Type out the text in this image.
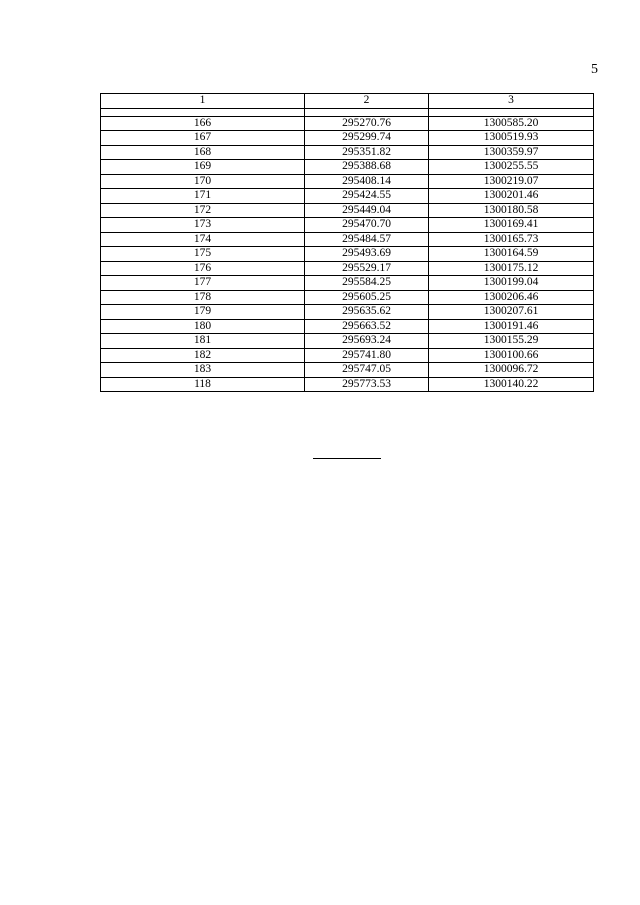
5
1	2	3

166	295270.76	1300585.20
167	295299.74	1300519.93
168	295351.82	1300359.97
169	295388.68	1300255.55
170	295408.14	1300219.07
171	295424.55	1300201.46
172	295449.04	1300180.58
173	295470.70	1300169.41
174	295484.57	1300165.73
175	295493.69	1300164.59
176	295529.17	1300175.12
177	295584.25	1300199.04
178	295605.25	1300206.46
179	295635.62	1300207.61
180	295663.52	1300191.46
181	295693.24	1300155.29
182	295741.80	1300100.66
183	295747.05	1300096.72
118	295773.53	1300140.22
